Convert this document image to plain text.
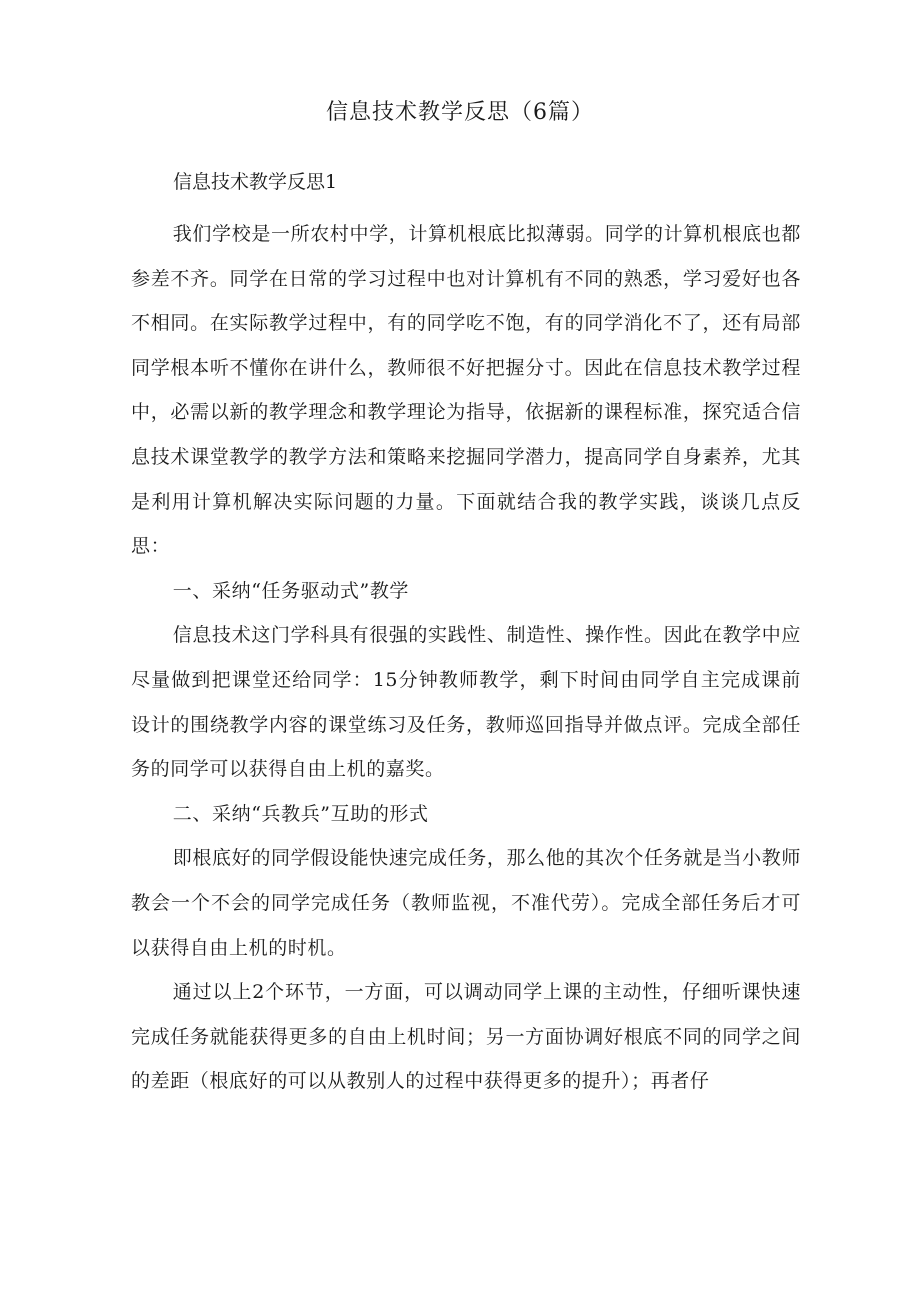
信息技术教学反思（6篇）
信息技术教学反思1

我们学校是一所农村中学，计算机根底比拟薄弱。同学的计算机根底也都参差不齐。同学在日常的学习过程中也对计算机有不同的熟悉，学习爱好也各不相同。在实际教学过程中，有的同学吃不饱，有的同学消化不了，还有局部同学根本听不懂你在讲什么，教师很不好把握分寸。因此在信息技术教学过程中，必需以新的教学理念和教学理论为指导，依据新的课程标准，探究适合信息技术课堂教学的教学方法和策略来挖掘同学潜力，提高同学自身素养，尤其是利用计算机解决实际问题的力量。下面就结合我的教学实践，谈谈几点反思：

一、采纳“任务驱动式”教学

信息技术这门学科具有很强的实践性、制造性、操作性。因此在教学中应尽量做到把课堂还给同学：15分钟教师教学，剩下时间由同学自主完成课前设计的围绕教学内容的课堂练习及任务，教师巡回指导并做点评。完成全部任务的同学可以获得自由上机的嘉奖。

二、采纳“兵教兵”互助的形式

即根底好的同学假设能快速完成任务，那么他的其次个任务就是当小教师教会一个不会的同学完成任务（教师监视，不准代劳）。完成全部任务后才可以获得自由上机的时机。

通过以上2个环节，一方面，可以调动同学上课的主动性，仔细听课快速完成任务就能获得更多的自由上机时间；另一方面协调好根底不同的同学之间的差距（根底好的可以从教别人的过程中获得更多的提升）；再者仔
